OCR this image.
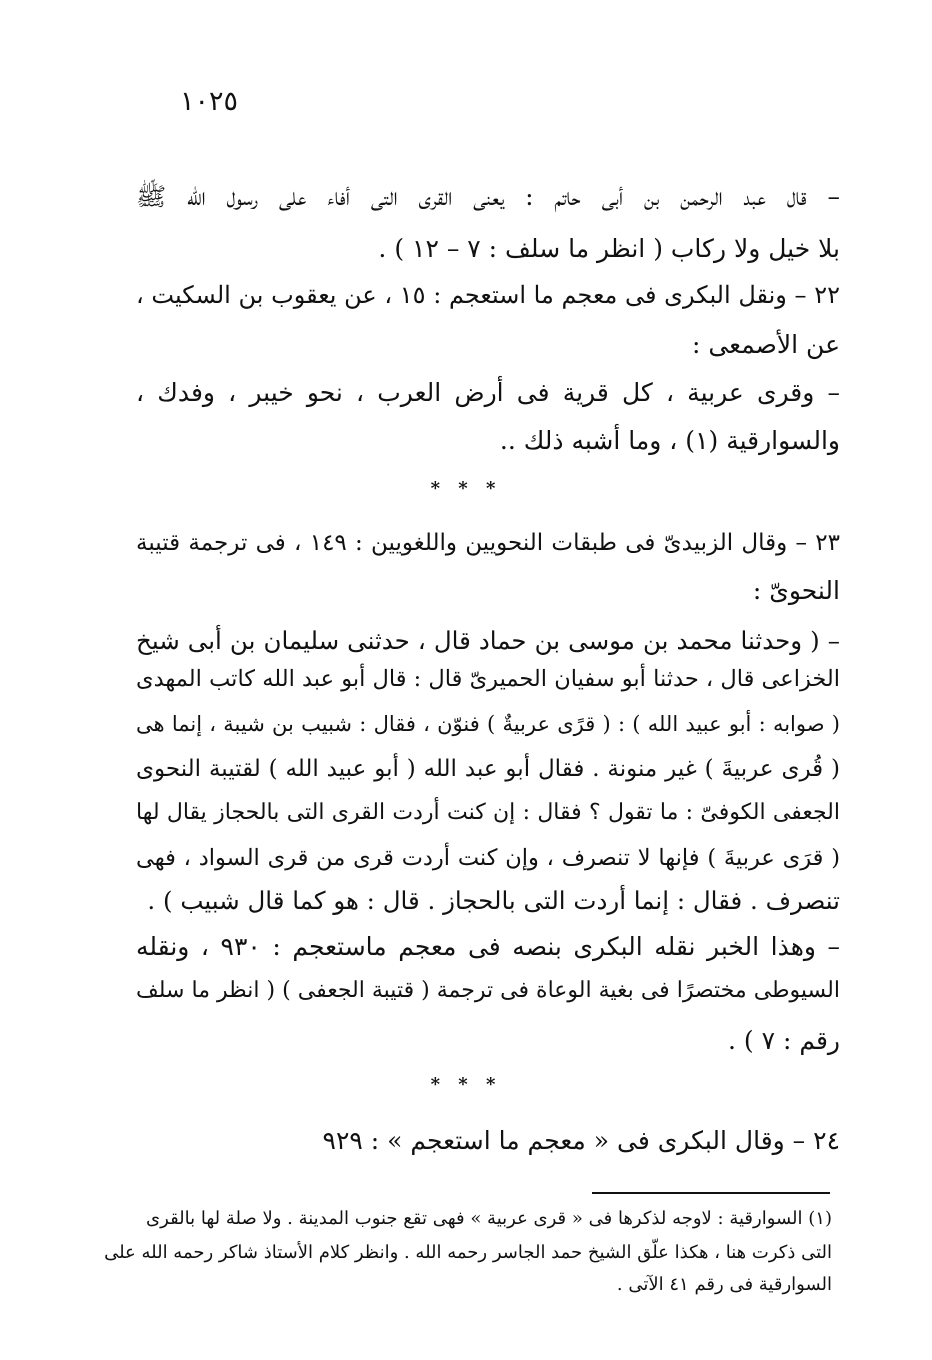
١٠٢٥
– قال عبد الرحمن بن أبى حاتم : يعنى القرى التى أفاء على رسول الله ﷺ
بلا خيل ولا ركاب ( انظر ما سلف : ٧ – ١٢ ) .
٢٢ – ونقل البكرى فى معجم ما استعجم : ١٥ ، عن يعقوب بن السكيت ،
عن الأصمعى :
– وقرى عربية ، كل قرية فى أرض العرب ، نحو خيبر ، وفدك ،
والسوارقية (١) ، وما أشبه ذلك ..
* * *
٢٣ – وقال الزبيدىّ فى طبقات النحويين واللغويين : ١٤٩ ، فى ترجمة قتيبة
النحوىّ :
– ( وحدثنا محمد بن موسى بن حماد قال ، حدثنى سليمان بن أبى شيخ
الخزاعى قال ، حدثنا أبو سفيان الحميرىّ قال : قال أبو عبد الله كاتب المهدى
( صوابه : أبو عبيد الله ) : ( قرًى عربيةٌ ) فنوّن ، فقال : شبيب بن شيبة ، إنما هى
( قُرى عربيةَ ) غير منونة . فقال أبو عبد الله ( أبو عبيد الله ) لقتيبة النحوى
الجعفى الكوفىّ : ما تقول ؟ فقال : إن كنت أردت القرى التى بالحجاز يقال لها
( قرَى عربيةَ ) فإنها لا تنصرف ، وإن كنت أردت قرى من قرى السواد ، فهى
تنصرف . فقال : إنما أردت التى بالحجاز . قال : هو كما قال شبيب ) .
– وهذا الخبر نقله البكرى بنصه فى معجم ماستعجم : ٩٣٠ ، ونقله
السيوطى مختصرًا فى بغية الوعاة فى ترجمة ( قتيبة الجعفى ) ( انظر ما سلف
رقم : ٧ ) .
* * *
٢٤ – وقال البكرى فى « معجم ما استعجم » : ٩٢٩
(١) السوارقية : لاوجه لذكرها فى « قرى عربية » فهى تقع جنوب المدينة . ولا صلة لها بالقرى
التى ذكرت هنا ، هكذا علّق الشيخ حمد الجاسر رحمه الله . وانظر كلام الأستاذ شاكر رحمه الله على
السوارقية فى رقم ٤١ الآتى .
